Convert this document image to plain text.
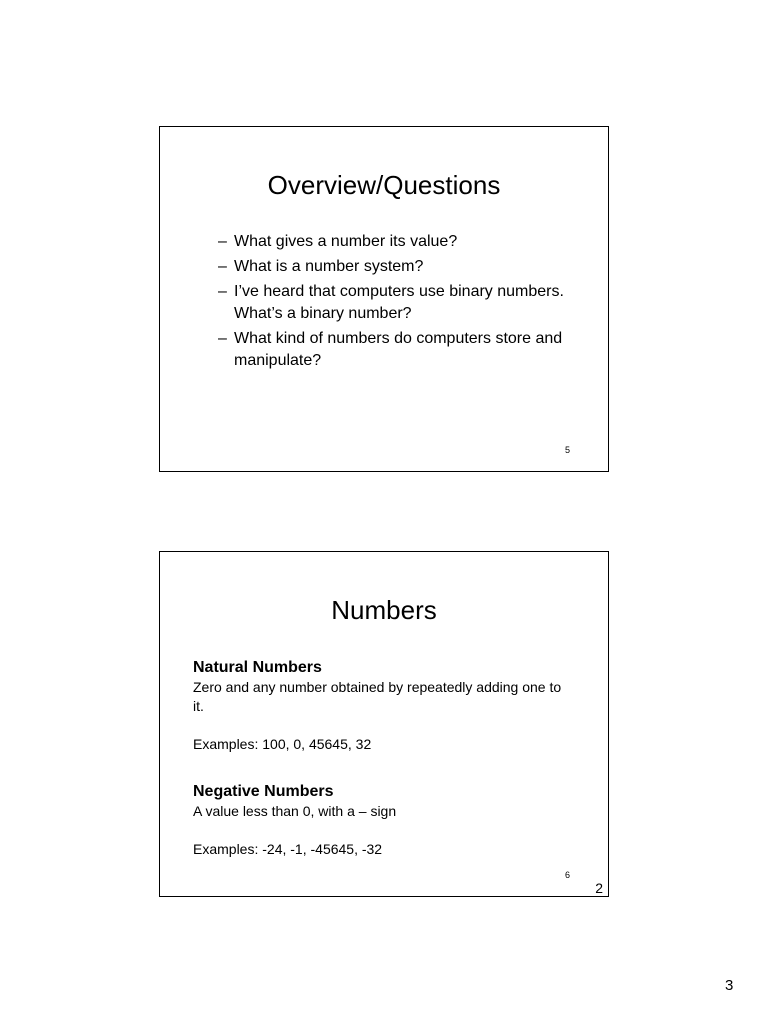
Overview/Questions
– What gives a number its value?
– What is a number system?
– I’ve heard that computers use binary numbers. What’s a binary number?
– What kind of numbers do computers store and manipulate?
5
Numbers

Natural Numbers

Zero and any number obtained by repeatedly adding one to it.

Examples: 100, 0, 45645, 32

Negative Numbers

A value less than 0, with a – sign

Examples: -24, -1, -45645, -32

6
2
3
